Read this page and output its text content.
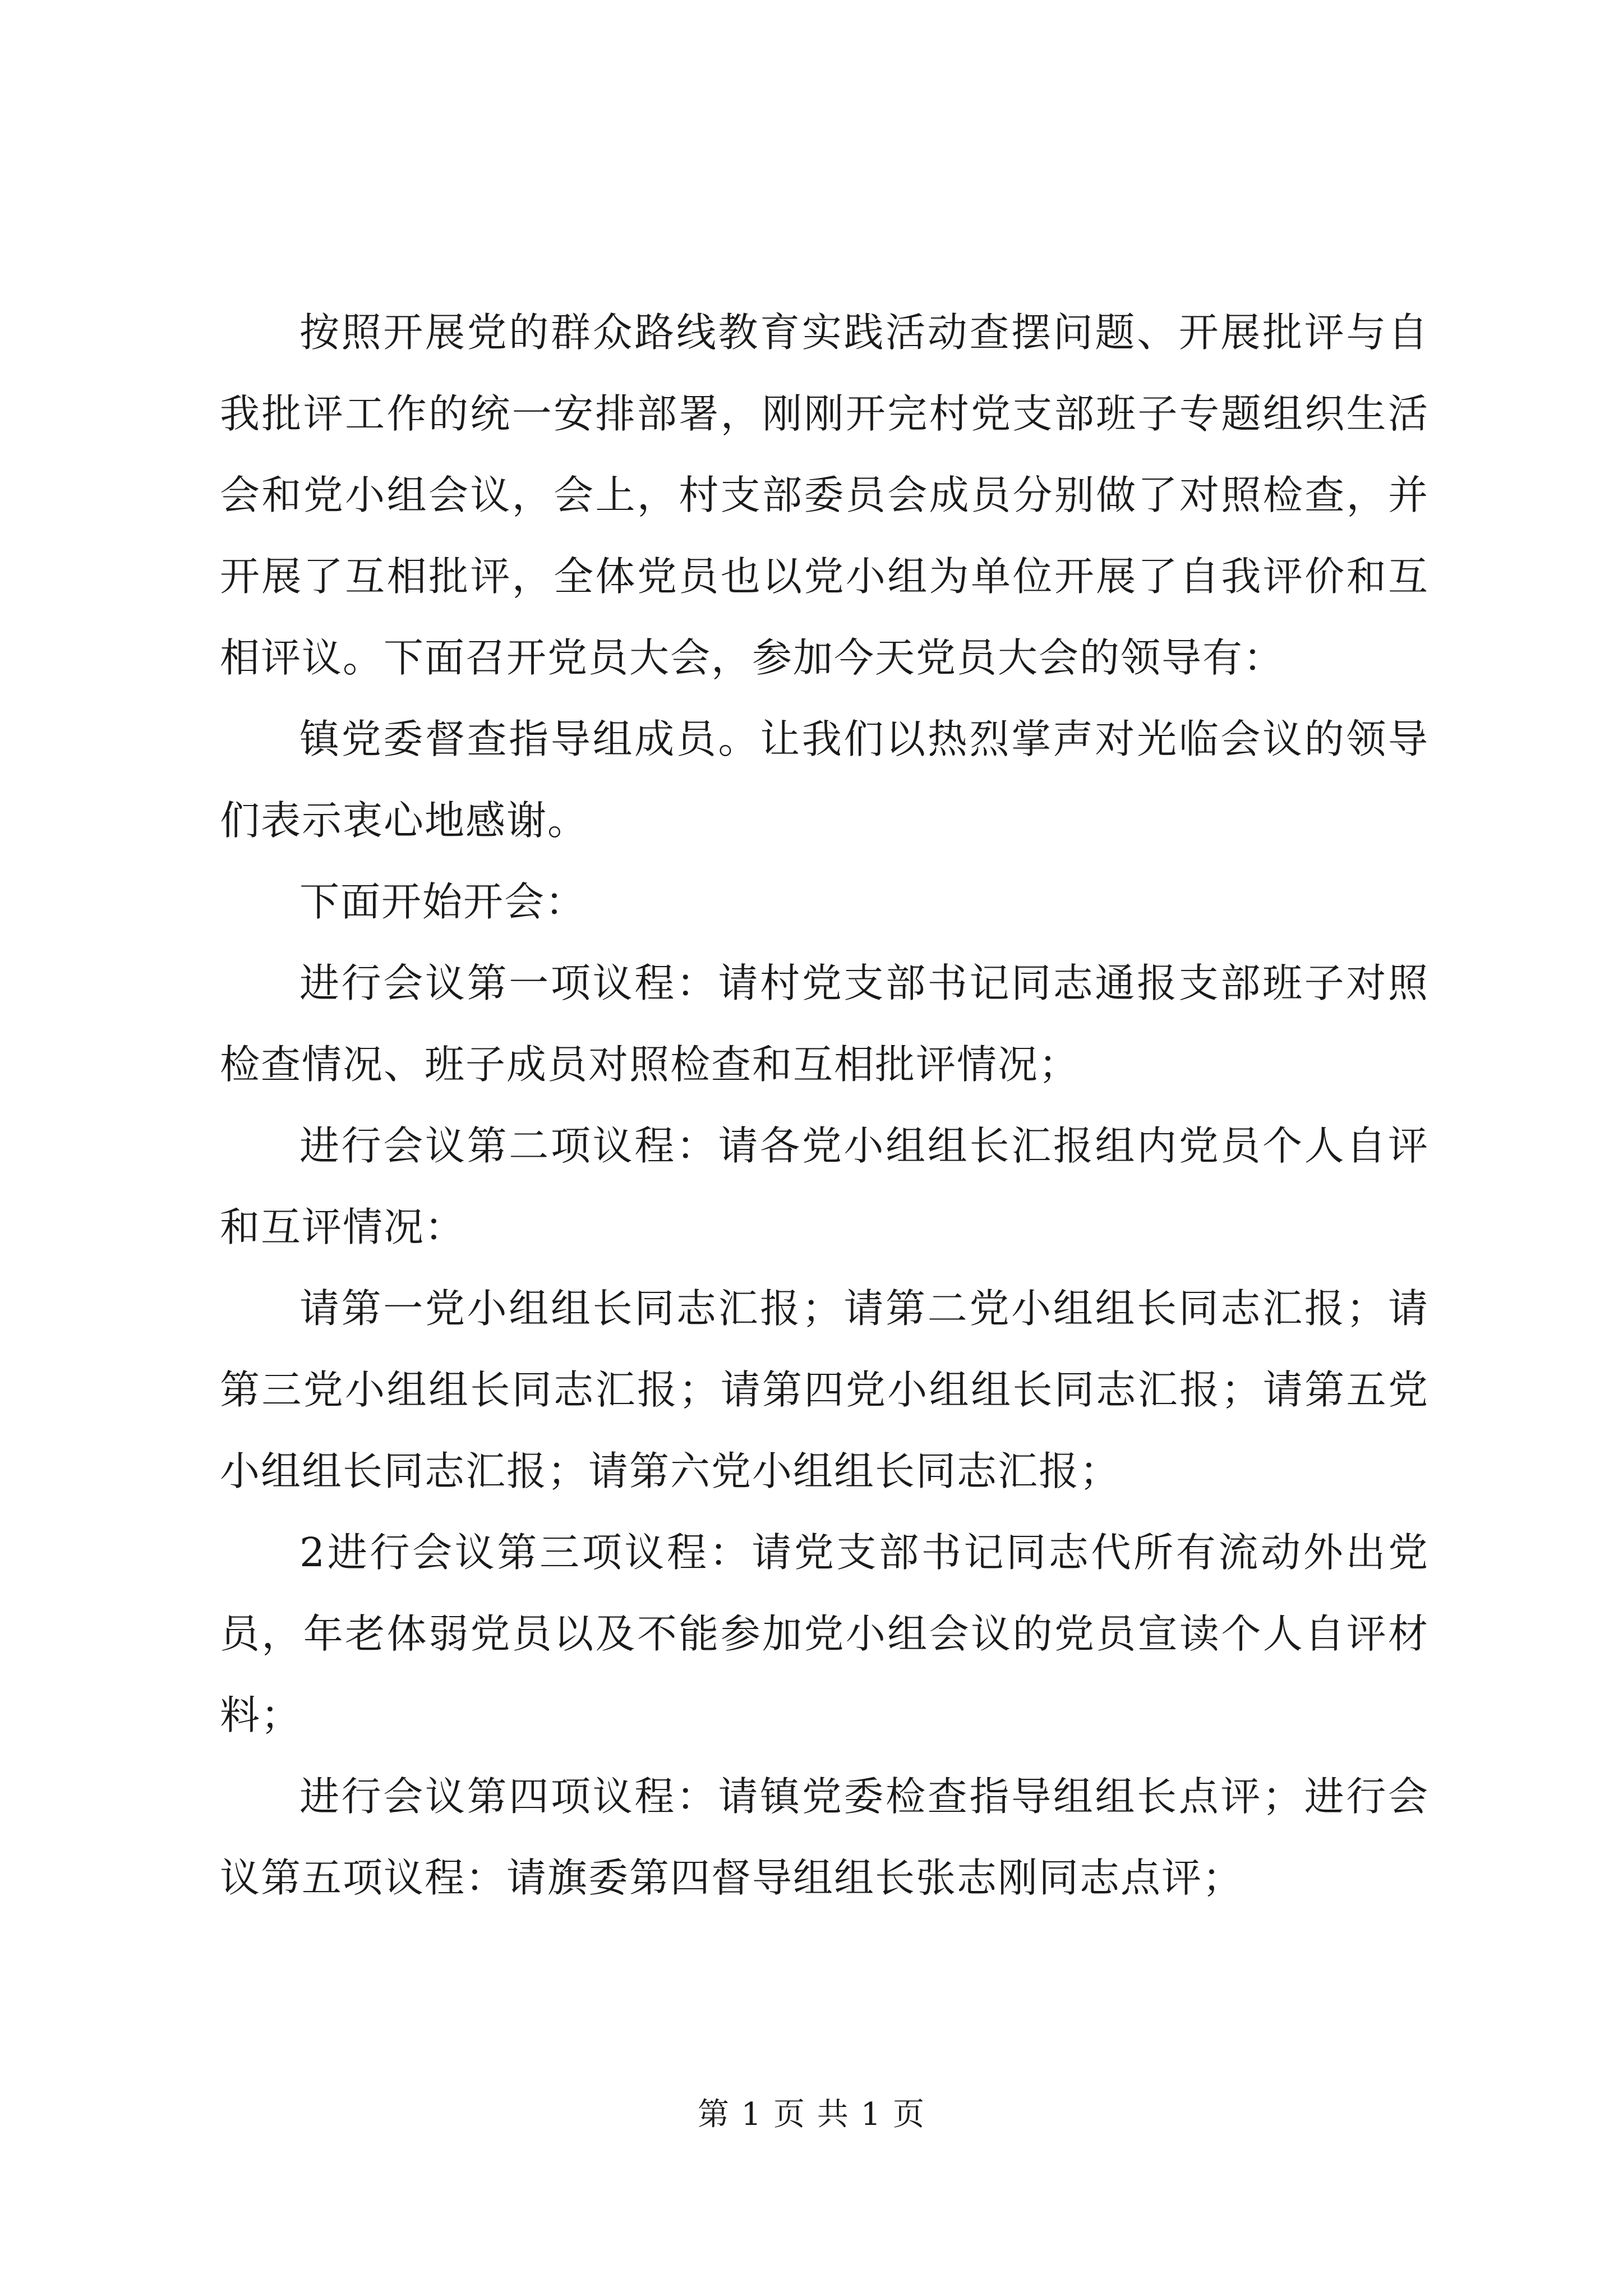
按照开展党的群众路线教育实践活动查摆问题、开展批评与自我批评工作的统一安排部署，刚刚开完村党支部班子专题组织生活会和党小组会议，会上，村支部委员会成员分别做了对照检查，并开展了互相批评，全体党员也以党小组为单位开展了自我评价和互相评议。下面召开党员大会，参加今天党员大会的领导有：

镇党委督查指导组成员。让我们以热烈掌声对光临会议的领导们表示衷心地感谢。

下面开始开会：

进行会议第一项议程：请村党支部书记同志通报支部班子对照检查情况、班子成员对照检查和互相批评情况；

进行会议第二项议程：请各党小组组长汇报组内党员个人自评和互评情况：

请第一党小组组长同志汇报；请第二党小组组长同志汇报；请第三党小组组长同志汇报；请第四党小组组长同志汇报；请第五党小组组长同志汇报；请第六党小组组长同志汇报；

2进行会议第三项议程：请党支部书记同志代所有流动外出党员，年老体弱党员以及不能参加党小组会议的党员宣读个人自评材料；

进行会议第四项议程：请镇党委检查指导组组长点评；进行会议第五项议程：请旗委第四督导组组长张志刚同志点评；

第 1 页 共 1 页
